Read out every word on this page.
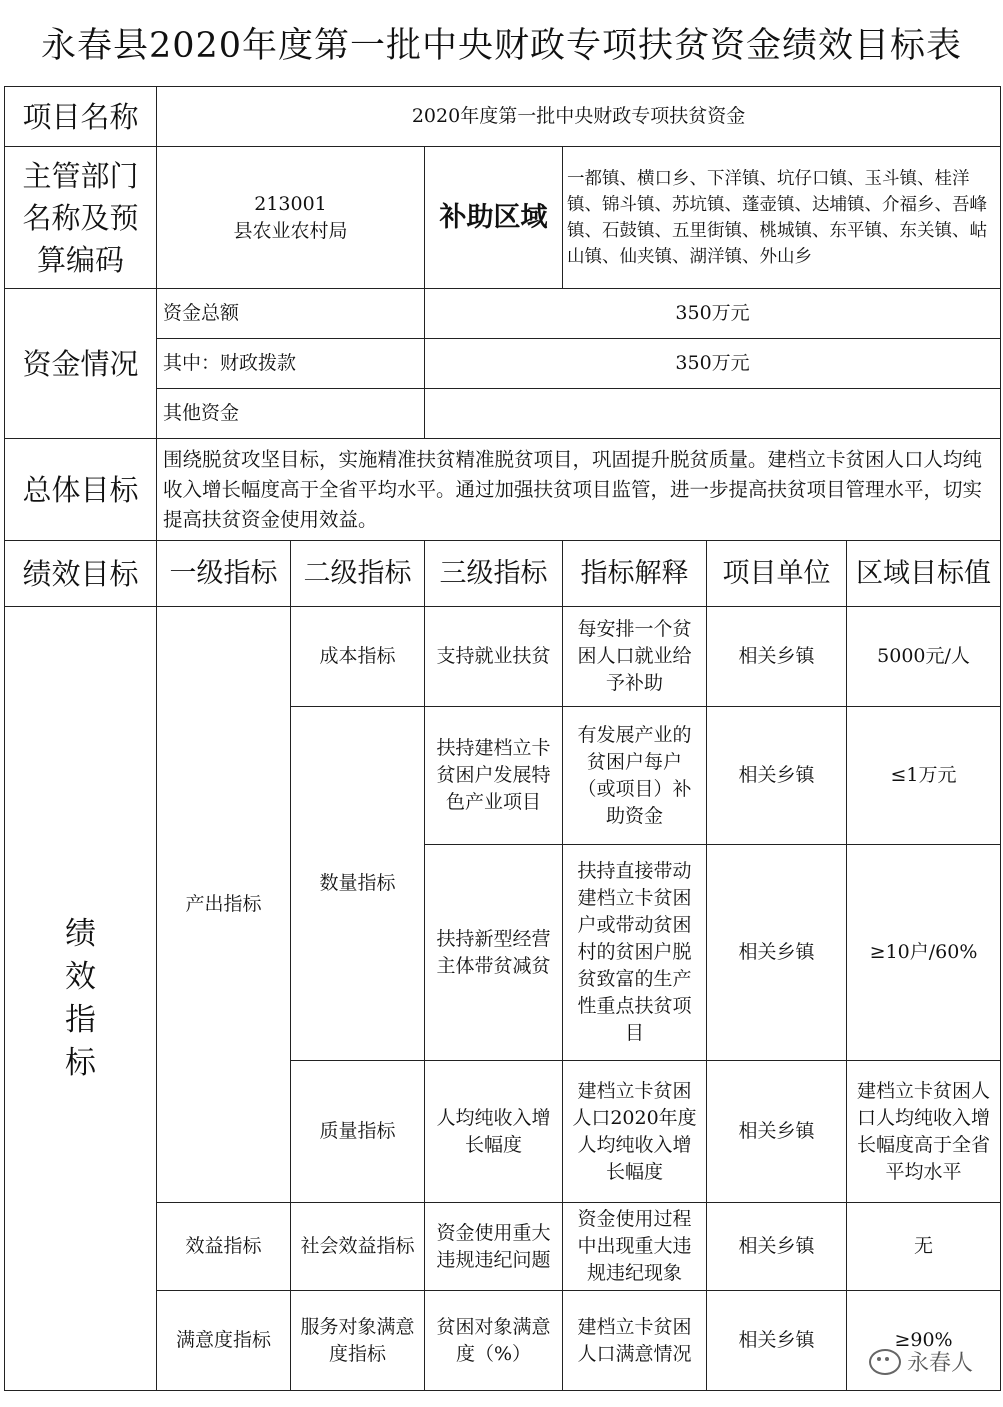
永春县2020年度第一批中央财政专项扶贫资金绩效目标表
项目名称	2020年度第一批中央财政专项扶贫资金					
主管部门名称及预算编码	213001
县农业农村局		补助区域	一都镇、横口乡、下洋镇、坑仔口镇、玉斗镇、桂洋镇、锦斗镇、苏坑镇、蓬壶镇、达埔镇、介福乡、吾峰镇、石鼓镇、五里街镇、桃城镇、东平镇、东关镇、岵山镇、仙夹镇、湖洋镇、外山乡		
资金情况	资金总额		350万元			
	其中：财政拨款		350万元			
	其他资金					
总体目标	围绕脱贫攻坚目标，实施精准扶贫精准脱贫项目，巩固提升脱贫质量。建档立卡贫困人口人均纯收入增长幅度高于全省平均水平。通过加强扶贫项目监管，进一步提高扶贫项目管理水平，切实提高扶贫资金使用效益。					
绩效目标	一级指标	二级指标	三级指标	指标解释	项目单位	区域目标值

绩效指标	产出指标	成本指标	支持就业扶贫	每安排一个贫困人口就业给予补助	相关乡镇	5000元/人
		数量指标	扶持建档立卡贫困户发展特色产业项目	有发展产业的贫困户每户（或项目）补助资金	相关乡镇	≤1万元
			扶持新型经营主体带贫减贫	扶持直接带动建档立卡贫困户或带动贫困村的贫困户脱贫致富的生产性重点扶贫项目	相关乡镇	≥10户/60%
		质量指标	人均纯收入增长幅度	建档立卡贫困人口2020年度人均纯收入增长幅度	相关乡镇	建档立卡贫困人口人均纯收入增长幅度高于全省平均水平
	效益指标	社会效益指标	资金使用重大违规违纪问题	资金使用过程中出现重大违规违纪现象	相关乡镇	无
	满意度指标	服务对象满意度指标	贫困对象满意度（%）	建档立卡贫困人口满意情况	相关乡镇	≥90%
永春人
